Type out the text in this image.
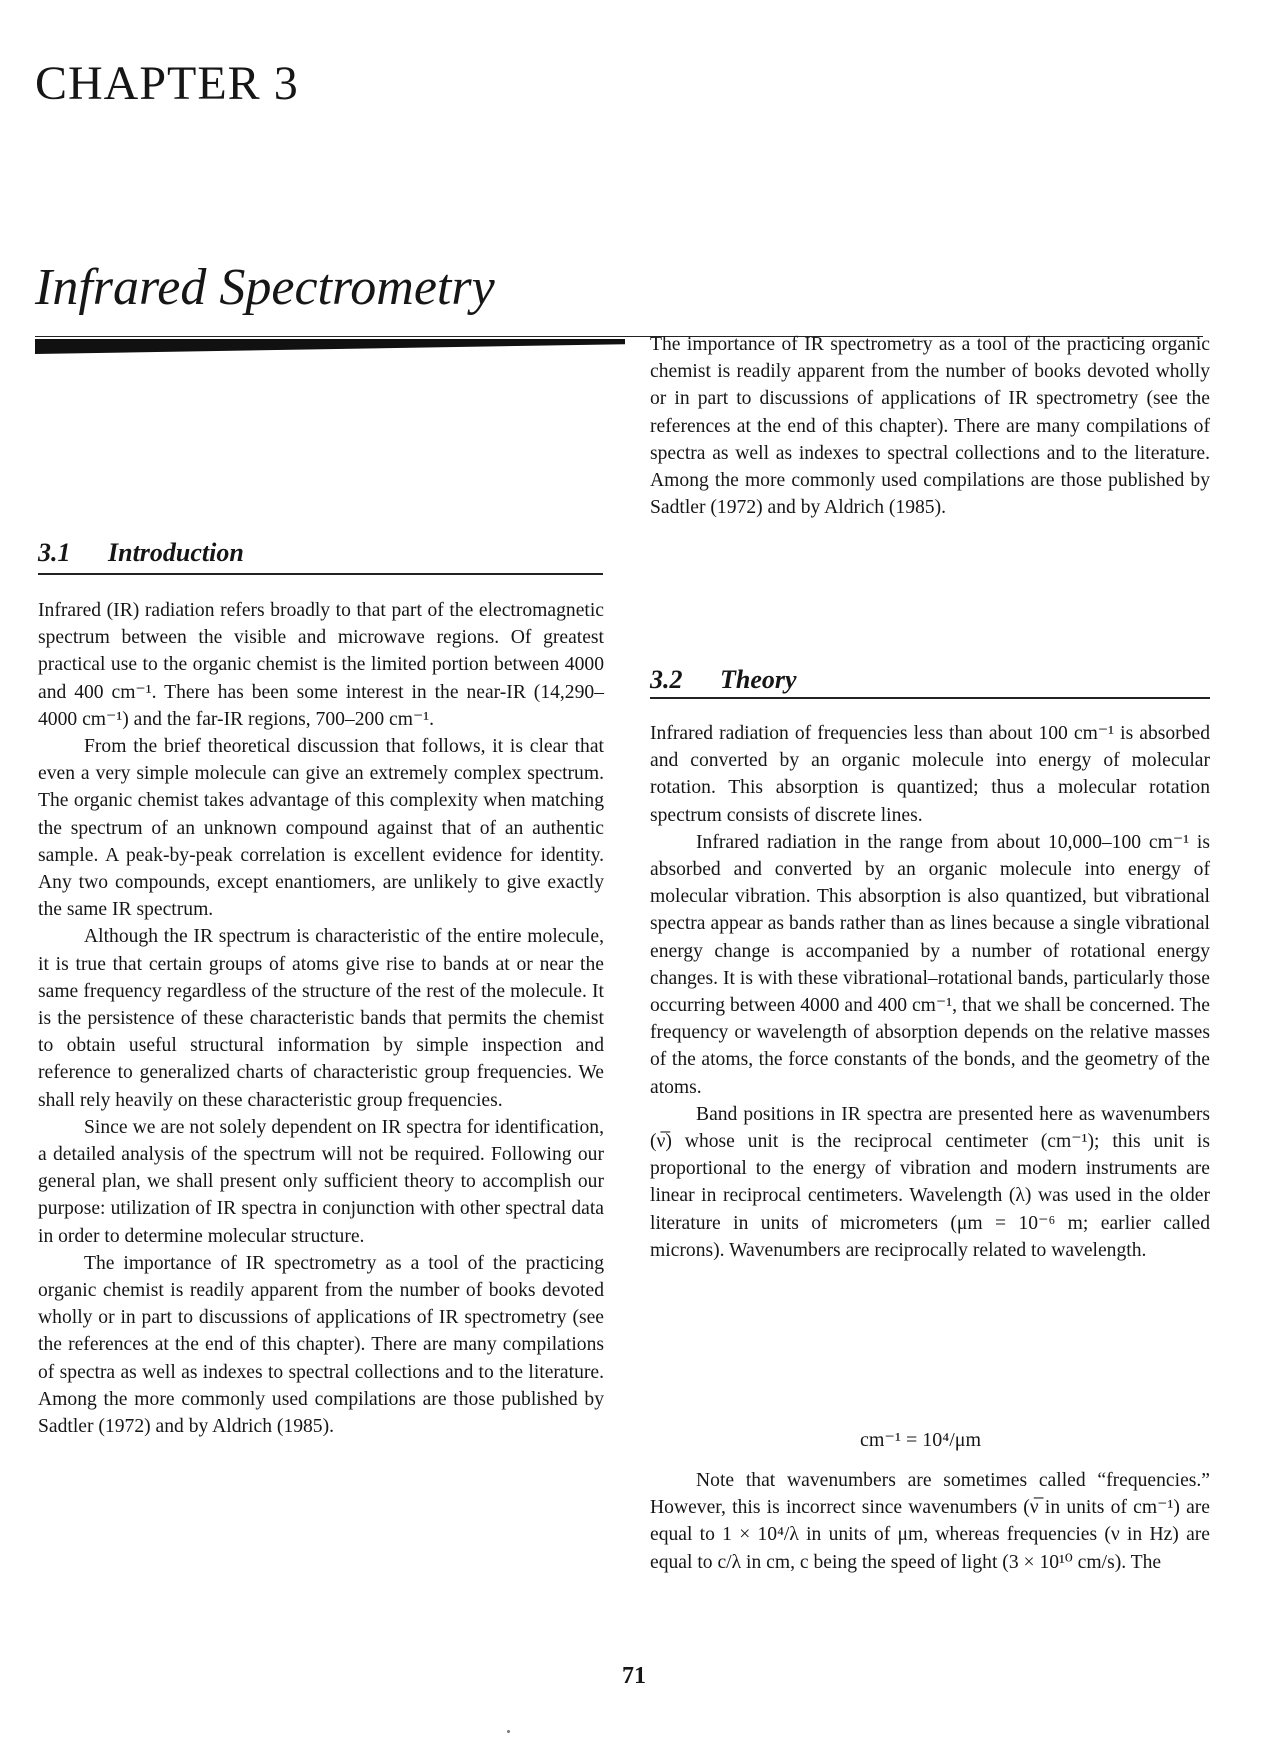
CHAPTER 3
Infrared Spectrometry
3.1 Introduction

Infrared (IR) radiation refers broadly to that part of the electromagnetic spectrum between the visible and microwave regions. Of greatest practical use to the organic chemist is the limited portion between 4000 and 400 cm⁻¹. There has been some interest in the near-IR (14,290–4000 cm⁻¹) and the far-IR regions, 700–200 cm⁻¹.

From the brief theoretical discussion that follows, it is clear that even a very simple molecule can give an extremely complex spectrum. The organic chemist takes advantage of this complexity when matching the spectrum of an unknown compound against that of an authentic sample. A peak-by-peak correlation is excellent evidence for identity. Any two compounds, except enantiomers, are unlikely to give exactly the same IR spectrum.

Although the IR spectrum is characteristic of the entire molecule, it is true that certain groups of atoms give rise to bands at or near the same frequency regardless of the structure of the rest of the molecule. It is the persistence of these characteristic bands that permits the chemist to obtain useful structural information by simple inspection and reference to generalized charts of characteristic group frequencies. We shall rely heavily on these characteristic group frequencies.

Since we are not solely dependent on IR spectra for identification, a detailed analysis of the spectrum will not be required. Following our general plan, we shall present only sufficient theory to accomplish our purpose: utilization of IR spectra in conjunction with other spectral data in order to determine molecular structure.

The importance of IR spectrometry as a tool of the practicing organic chemist is readily apparent from the number of books devoted wholly or in part to discussions of applications of IR spectrometry (see the references at the end of this chapter). There are many compilations of spectra as well as indexes to spectral collections and to the literature. Among the more commonly used compilations are those published by Sadtler (1972) and by Aldrich (1985).

The importance of IR spectrometry as a tool of the practicing organic chemist is readily apparent from the number of books devoted wholly or in part to discussions of applications of IR spectrometry (see the references at the end of this chapter). There are many compilations of spectra as well as indexes to spectral collections and to the literature. Among the more commonly used compilations are those published by Sadtler (1972) and by Aldrich (1985).

3.2 Theory

Infrared radiation of frequencies less than about 100 cm⁻¹ is absorbed and converted by an organic molecule into energy of molecular rotation. This absorption is quantized; thus a molecular rotation spectrum consists of discrete lines.

Infrared radiation in the range from about 10,000–100 cm⁻¹ is absorbed and converted by an organic molecule into energy of molecular vibration. This absorption is also quantized, but vibrational spectra appear as bands rather than as lines because a single vibrational energy change is accompanied by a number of rotational energy changes. It is with these vibrational–rotational bands, particularly those occurring between 4000 and 400 cm⁻¹, that we shall be concerned. The frequency or wavelength of absorption depends on the relative masses of the atoms, the force constants of the bonds, and the geometry of the atoms.

Band positions in IR spectra are presented here as wavenumbers (ν̅) whose unit is the reciprocal centimeter (cm⁻¹); this unit is proportional to the energy of vibration and modern instruments are linear in reciprocal centimeters. Wavelength (λ) was used in the older literature in units of micrometers (μm = 10⁻⁶ m; earlier called microns). Wavenumbers are reciprocally related to wavelength.

cm⁻¹ = 10⁴/μm

Note that wavenumbers are sometimes called “frequencies.” However, this is incorrect since wavenumbers (ν̅ in units of cm⁻¹) are equal to 1 × 10⁴/λ in units of μm, whereas frequencies (ν in Hz) are equal to c/λ in cm, c being the speed of light (3 × 10¹⁰ cm/s). The

71
